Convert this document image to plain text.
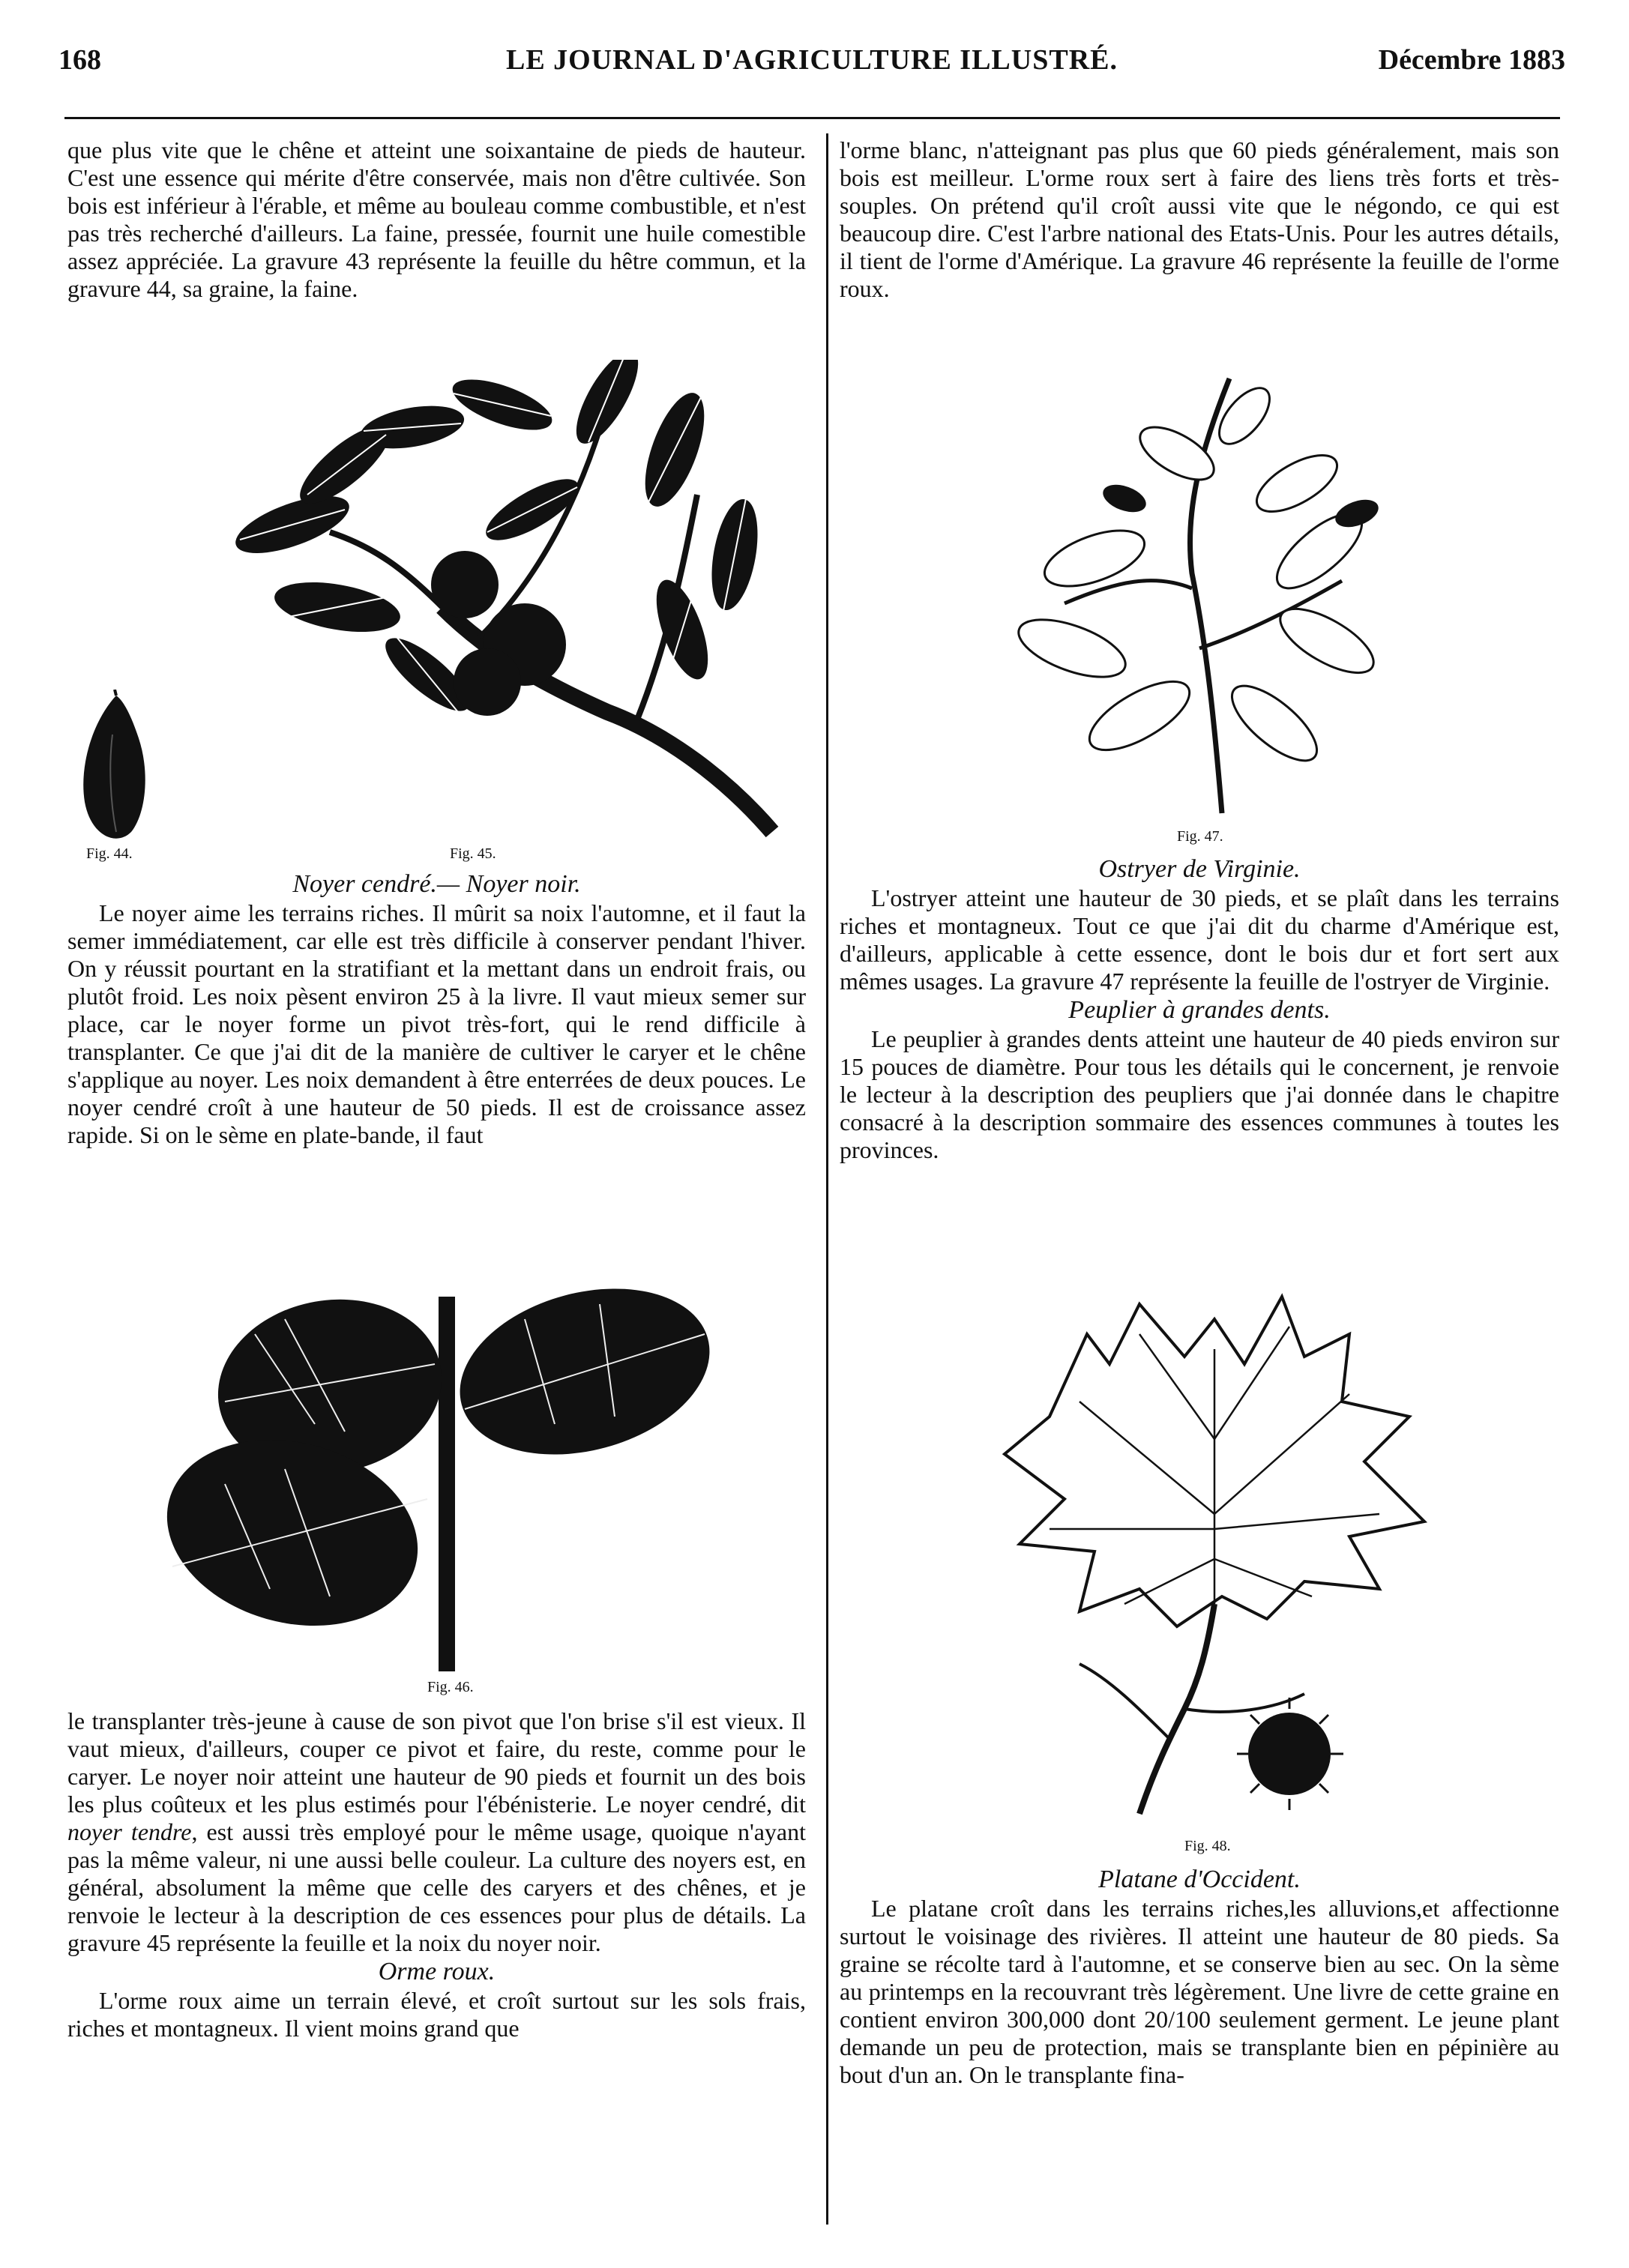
168	LE JOURNAL D'AGRICULTURE ILLUSTRÉ.	Décembre 1883

que plus vite que le chêne et atteint une soixantaine de pieds de hauteur. C'est une essence qui mérite d'être conservée, mais non d'être cultivée. Son bois est inférieur à l'érable, et même au bouleau comme combustible, et n'est pas très recherché d'ailleurs. La faine, pressée, fournit une huile comestible assez appréciée. La gravure 43 représente la feuille du hêtre commun, et la gravure 44, sa graine, la faine.

Fig. 44.	Fig. 45.

Noyer cendré.— Noyer noir.

Le noyer aime les terrains riches. Il mûrit sa noix l'automne, et il faut la semer immédiatement, car elle est très difficile à conserver pendant l'hiver. On y réussit pourtant en la stratifiant et la mettant dans un endroit frais, ou plutôt froid. Les noix pèsent environ 25 à la livre. Il vaut mieux semer sur place, car le noyer forme un pivot très-fort, qui le rend difficile à transplanter. Ce que j'ai dit de la manière de cultiver le caryer et le chêne s'applique au noyer. Les noix demandent à être enterrées de deux pouces. Le noyer cendré croît à une hauteur de 50 pieds. Il est de croissance assez rapide. Si on le sème en plate-bande, il faut

Fig. 46.

le transplanter très-jeune à cause de son pivot que l'on brise s'il est vieux. Il vaut mieux, d'ailleurs, couper ce pivot et faire, du reste, comme pour le caryer. Le noyer noir atteint une hauteur de 90 pieds et fournit un des bois les plus coûteux et les plus estimés pour l'ébénisterie. Le noyer cendré, dit noyer tendre, est aussi très employé pour le même usage, quoique n'ayant pas la même valeur, ni une aussi belle couleur. La culture des noyers est, en général, absolument la même que celle des caryers et des chênes, et je renvoie le lecteur à la description de ces essences pour plus de détails. La gravure 45 représente la feuille et la noix du noyer noir.

Orme roux.

L'orme roux aime un terrain élevé, et croît surtout sur les sols frais, riches et montagneux. Il vient moins grand que

l'orme blanc, n'atteignant pas plus que 60 pieds généralement, mais son bois est meilleur. L'orme roux sert à faire des liens très forts et très-souples. On prétend qu'il croît aussi vite que le négondo, ce qui est beaucoup dire. C'est l'arbre national des Etats-Unis. Pour les autres détails, il tient de l'orme d'Amérique. La gravure 46 représente la feuille de l'orme roux.

Fig. 47.

Ostryer de Virginie.

L'ostryer atteint une hauteur de 30 pieds, et se plaît dans les terrains riches et montagneux. Tout ce que j'ai dit du charme d'Amérique est, d'ailleurs, applicable à cette essence, dont le bois dur et fort sert aux mêmes usages. La gravure 47 représente la feuille de l'ostryer de Virginie.

Peuplier à grandes dents.

Le peuplier à grandes dents atteint une hauteur de 40 pieds environ sur 15 pouces de diamètre. Pour tous les détails qui le concernent, je renvoie le lecteur à la description des peupliers que j'ai donnée dans le chapitre consacré à la description sommaire des essences communes à toutes les provinces.

Fig. 48.

Platane d'Occident.

Le platane croît dans les terrains riches,les alluvions,et affectionne surtout le voisinage des rivières. Il atteint une hauteur de 80 pieds. Sa graine se récolte tard à l'automne, et se conserve bien au sec. On la sème au printemps en la recouvrant très légèrement. Une livre de cette graine en contient environ 300,000 dont 20/100 seulement germent. Le jeune plant demande un peu de protection, mais se transplante bien en pépinière au bout d'un an. On le transplante fina-
